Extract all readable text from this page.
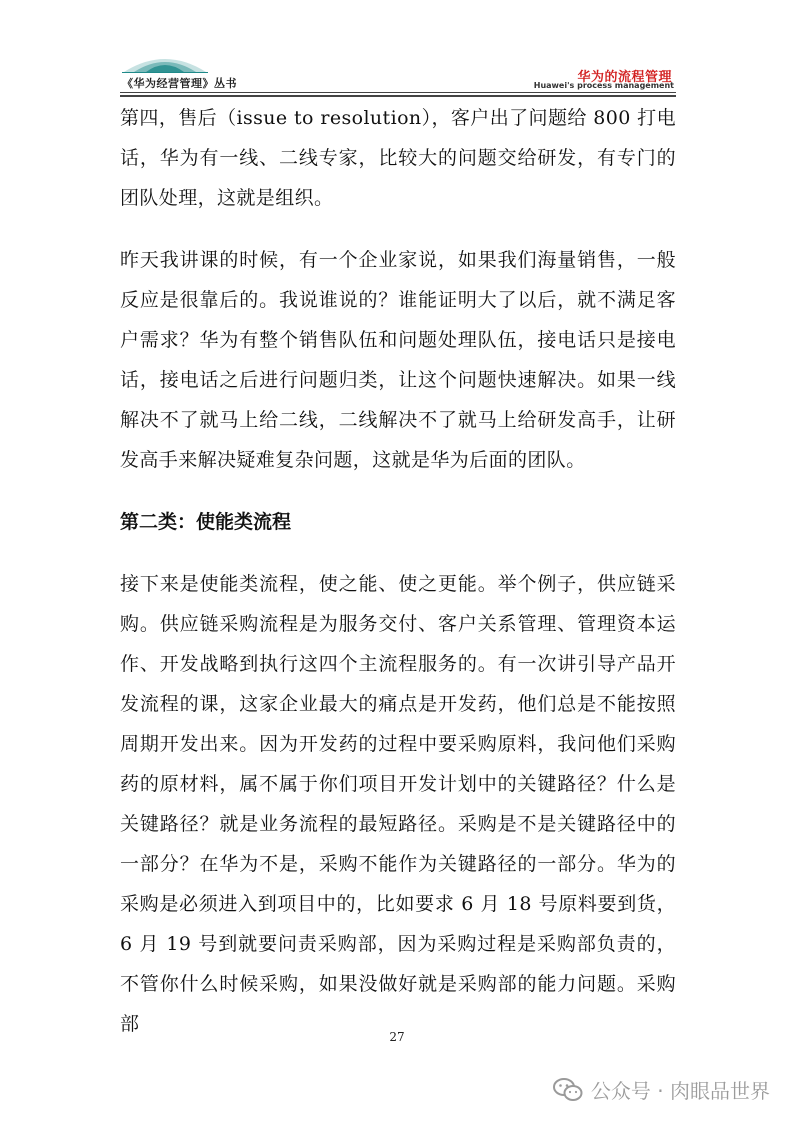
《华为经营管理》丛书	华为的流程管理
Huawei's process management

第四，售后（issue to resolution），客户出了问题给 800 打电话，华为有一线、二线专家，比较大的问题交给研发，有专门的团队处理，这就是组织。

昨天我讲课的时候，有一个企业家说，如果我们海量销售，一般反应是很靠后的。我说谁说的？谁能证明大了以后，就不满足客户需求？华为有整个销售队伍和问题处理队伍，接电话只是接电话，接电话之后进行问题归类，让这个问题快速解决。如果一线解决不了就马上给二线，二线解决不了就马上给研发高手，让研发高手来解决疑难复杂问题，这就是华为后面的团队。

第二类：使能类流程

接下来是使能类流程，使之能、使之更能。举个例子，供应链采购。供应链采购流程是为服务交付、客户关系管理、管理资本运作、开发战略到执行这四个主流程服务的。有一次讲引导产品开发流程的课，这家企业最大的痛点是开发药，他们总是不能按照周期开发出来。因为开发药的过程中要采购原料，我问他们采购药的原材料，属不属于你们项目开发计划中的关键路径？什么是关键路径？就是业务流程的最短路径。采购是不是关键路径中的一部分？在华为不是，采购不能作为关键路径的一部分。华为的采购是必须进入到项目中的，比如要求 6 月 18 号原料要到货，6 月 19 号到就要问责采购部，因为采购过程是采购部负责的，不管你什么时候采购，如果没做好就是采购部的能力问题。采购部

27
公众号 · 肉眼品世界
